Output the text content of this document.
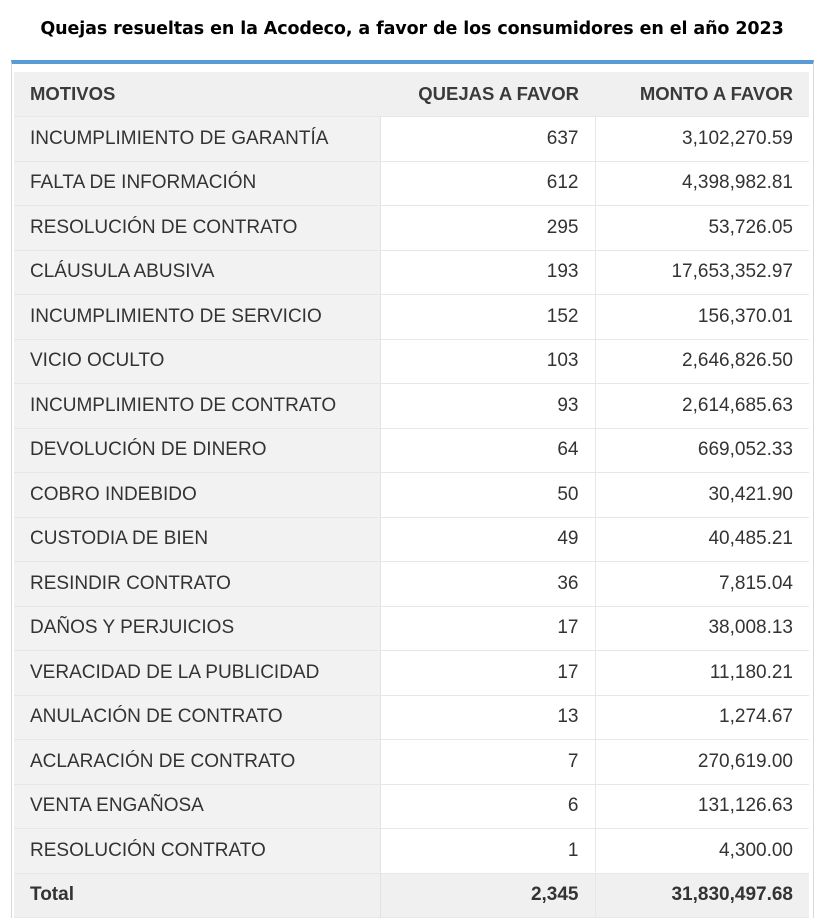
Quejas resueltas en la Acodeco, a favor de los consumidores en el año 2023
MOTIVOS	QUEJAS A FAVOR	MONTO A FAVOR
INCUMPLIMIENTO DE GARANTÍA	637	3,102,270.59
FALTA DE INFORMACIÓN	612	4,398,982.81
RESOLUCIÓN DE CONTRATO	295	53,726.05
CLÁUSULA ABUSIVA	193	17,653,352.97
INCUMPLIMIENTO DE SERVICIO	152	156,370.01
VICIO OCULTO	103	2,646,826.50
INCUMPLIMIENTO DE CONTRATO	93	2,614,685.63
DEVOLUCIÓN DE DINERO	64	669,052.33
COBRO INDEBIDO	50	30,421.90
CUSTODIA DE BIEN	49	40,485.21
RESINDIR CONTRATO	36	7,815.04
DAÑOS Y PERJUICIOS	17	38,008.13
VERACIDAD DE LA PUBLICIDAD	17	11,180.21
ANULACIÓN DE CONTRATO	13	1,274.67
ACLARACIÓN DE CONTRATO	7	270,619.00
VENTA ENGAÑOSA	6	131,126.63
RESOLUCIÓN CONTRATO	1	4,300.00
Total	2,345	31,830,497.68
